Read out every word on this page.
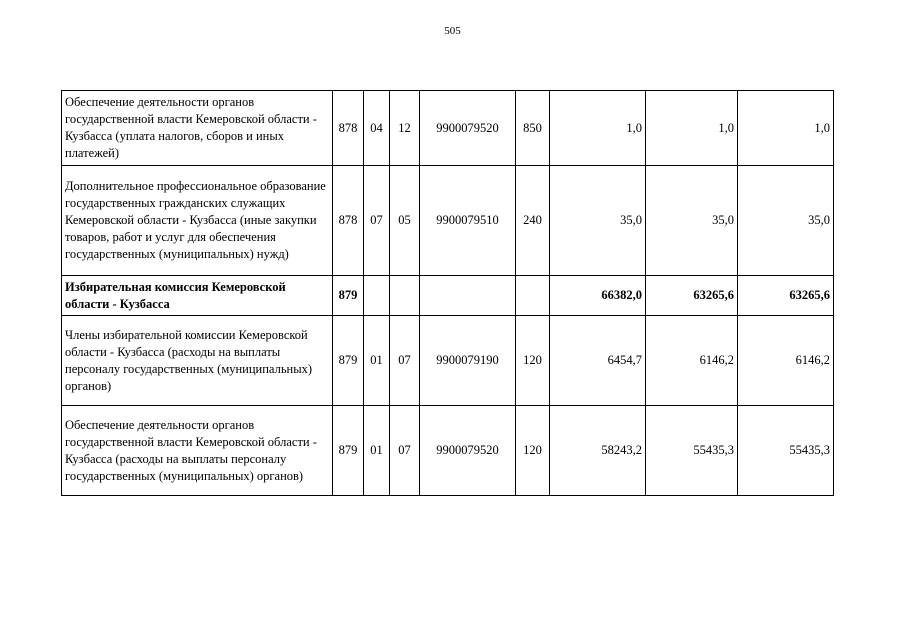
505
Обеспечение деятельности органов государственной власти Кемеровской области - Кузбасса (уплата налогов, сборов и иных платежей)	878	04	12	9900079520	850	1,0	1,0	1,0
Дополнительное профессиональное образование государственных гражданских служащих Кемеровской области - Кузбасса (иные закупки товаров, работ и услуг для обеспечения государственных (муниципальных) нужд)	878	07	05	9900079510	240	35,0	35,0	35,0
Избирательная комиссия Кемеровской области - Кузбасса	879					66382,0	63265,6	63265,6
Члены избирательной комиссии Кемеровской области - Кузбасса (расходы на выплаты персоналу государственных (муниципальных) органов)	879	01	07	9900079190	120	6454,7	6146,2	6146,2
Обеспечение деятельности органов государственной власти Кемеровской области - Кузбасса (расходы на выплаты персоналу государственных (муниципальных) органов)	879	01	07	9900079520	120	58243,2	55435,3	55435,3
